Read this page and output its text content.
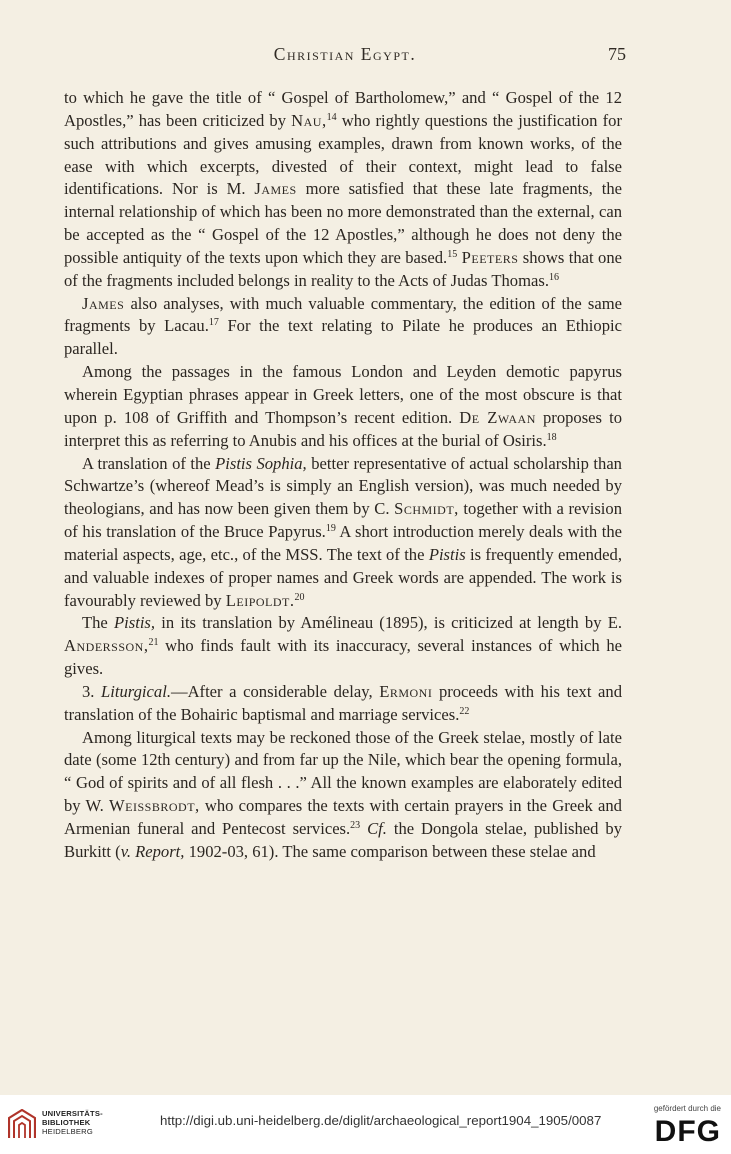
Christian Egypt.	75

to which he gave the title of “ Gospel of Bartholomew,” and “ Gospel of the 12 Apostles,” has been criticized by Nau,$^{14}$ who rightly questions the justification for such attributions and gives amusing examples, drawn from known works, of the ease with which excerpts, divested of their context, might lead to false identifications. Nor is M. James more satisfied that these late fragments, the internal relationship of which has been no more demonstrated than the external, can be accepted as the “ Gospel of the 12 Apostles,” although he does not deny the possible antiquity of the texts upon which they are based.$^{15}$ Peeters shows that one of the fragments included belongs in reality to the Acts of Judas Thomas.$^{16}$

James also analyses, with much valuable commentary, the edition of the same fragments by Lacau.$^{17}$ For the text relating to Pilate he produces an Ethiopic parallel.

Among the passages in the famous London and Leyden demotic papyrus wherein Egyptian phrases appear in Greek letters, one of the most obscure is that upon p. 108 of Griffith and Thompson’s recent edition. De Zwaan proposes to interpret this as referring to Anubis and his offices at the burial of Osiris.$^{18}$

A translation of the Pistis Sophia, better representative of actual scholarship than Schwartze’s (whereof Mead’s is simply an English version), was much needed by theologians, and has now been given them by C. Schmidt, together with a revision of his translation of the Bruce Papyrus.$^{19}$ A short introduction merely deals with the material aspects, age, etc., of the MSS. The text of the Pistis is frequently emended, and valuable indexes of proper names and Greek words are appended. The work is favourably reviewed by Leipoldt.$^{20}$

The Pistis, in its translation by Amélineau (1895), is criticized at length by E. Andersson,$^{21}$ who finds fault with its inaccuracy, several instances of which he gives.

3. Liturgical.—After a considerable delay, Ermoni proceeds with his text and translation of the Bohairic baptismal and marriage services.$^{22}$

Among liturgical texts may be reckoned those of the Greek stelae, mostly of late date (some 12th century) and from far up the Nile, which bear the opening formula, “ God of spirits and of all flesh . . .” All the known examples are elaborately edited by W. Weissbrodt, who compares the texts with certain prayers in the Greek and Armenian funeral and Pentecost services.$^{23}$ Cf. the Dongola stelae, published by Burkitt (v. Report, 1902-03, 61). The same comparison between these stelae and

UNIVERSITÄTS-
BIBLIOTHEK
HEIDELBERG
http://digi.ub.uni-heidelberg.de/diglit/archaeological_report1904_1905/0087
gefördert durch die
DFG
